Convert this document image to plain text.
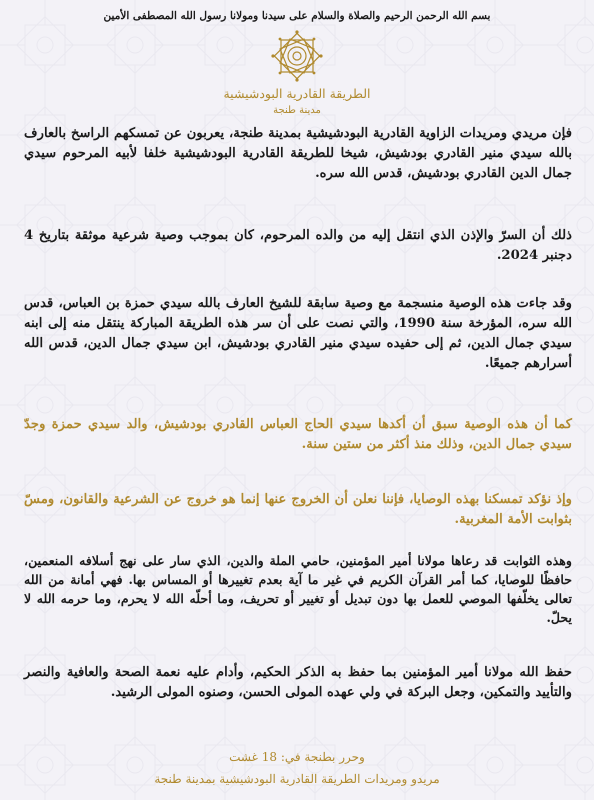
بسم الله الرحمن الرحيم والصلاة والسلام على سيدنا ومولانا رسول الله المصطفى الأمين
الطريقة القادرية البودشيشية
مدينة طنجة
فإن مريدي ومريدات الزاوية القادرية البودشيشية بمدينة طنجة، يعربون عن تمسكهم الراسخ بالعارف بالله سيدي منير القادري بودشيش، شيخا للطريقة القادرية البودشيشية خلفا لأبيه المرحوم سيدي جمال الدين القادري بودشيش، قدس الله سره.
ذلك أن السرّ والإذن الذي انتقل إليه من والده المرحوم، كان بموجب وصية شرعية موثقة بتاريخ 4 دجنبر 2024.
وقد جاءت هذه الوصية منسجمة مع وصية سابقة للشيخ العارف بالله سيدي حمزة بن العباس، قدس الله سره، المؤرخة سنة 1990، والتي نصت على أن سر هذه الطريقة المباركة ينتقل منه إلى ابنه سيدي جمال الدين، ثم إلى حفيده سيدي منير القادري بودشيش، ابن سيدي جمال الدين، قدس الله أسرارهم جميعًا.
كما أن هذه الوصية سبق أن أكدها سيدي الحاج العباس القادري بودشيش، والد سيدي حمزة وجدّ سيدي جمال الدين، وذلك منذ أكثر من ستين سنة.
وإذ نؤكد تمسكنا بهذه الوصايا، فإننا نعلن أن الخروج عنها إنما هو خروج عن الشرعية والقانون، ومسّ بثوابت الأمة المغربية.
وهذه الثوابت قد رعاها مولانا أمير المؤمنين، حامي الملة والدين، الذي سار على نهج أسلافه المنعمين، حافظًا للوصايا، كما أمر القرآن الكريم في غير ما آية بعدم تغييرها أو المساس بها. فهي أمانة من الله تعالى يخلّفها الموصي للعمل بها دون تبديل أو تغيير أو تحريف، وما أحلّه الله لا يحرم، وما حرمه الله لا يحلّ.
حفظ الله مولانا أمير المؤمنين بما حفظ به الذكر الحكيم، وأدام عليه نعمة الصحة والعافية والنصر والتأييد والتمكين، وجعل البركة في ولي عهده المولى الحسن، وصنوه المولى الرشيد.
وحرر بطنجة في: 18 غشت
مريدو ومريدات الطريقة القادرية البودشيشية بمدينة طنجة
